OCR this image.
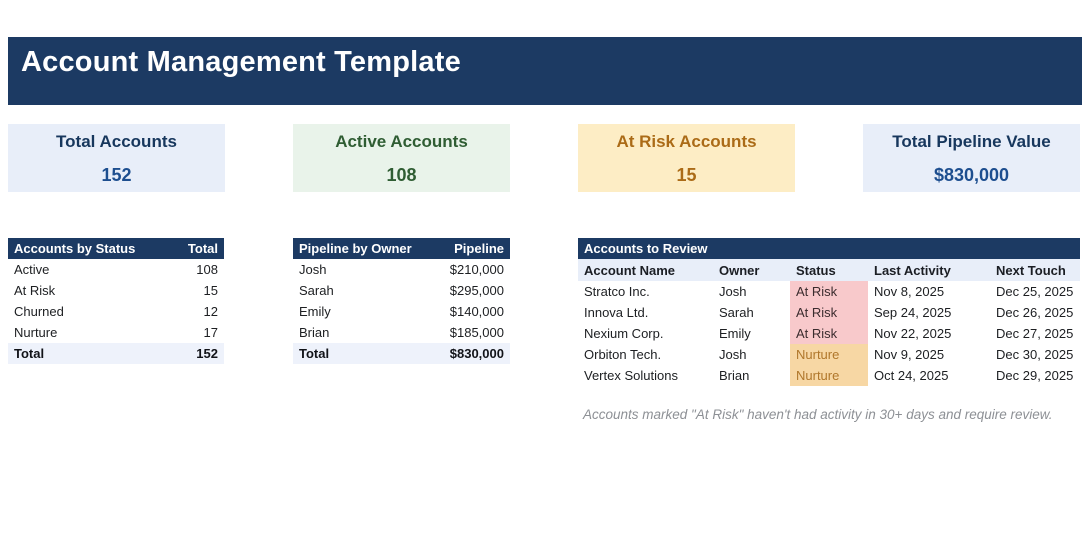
Account Management Template
Total Accounts
152
Active Accounts
108
At Risk Accounts
15
Total Pipeline Value
$830,000
Accounts by Status	Total
Active	108
At Risk	15
Churned	12
Nurture	17
Total	152
Pipeline by Owner	Pipeline
Josh	$210,000
Sarah	$295,000
Emily	$140,000
Brian	$185,000
Total	$830,000
Accounts to Review
Account Name	Owner	Status	Last Activity	Next Touch
Stratco Inc.	Josh	At Risk	Nov 8, 2025	Dec 25, 2025
Innova Ltd.	Sarah	At Risk	Sep 24, 2025	Dec 26, 2025
Nexium Corp.	Emily	At Risk	Nov 22, 2025	Dec 27, 2025
Orbiton Tech.	Josh	Nurture	Nov 9, 2025	Dec 30, 2025
Vertex Solutions	Brian	Nurture	Oct 24, 2025	Dec 29, 2025
Accounts marked "At Risk" haven't had activity in 30+ days and require review.
